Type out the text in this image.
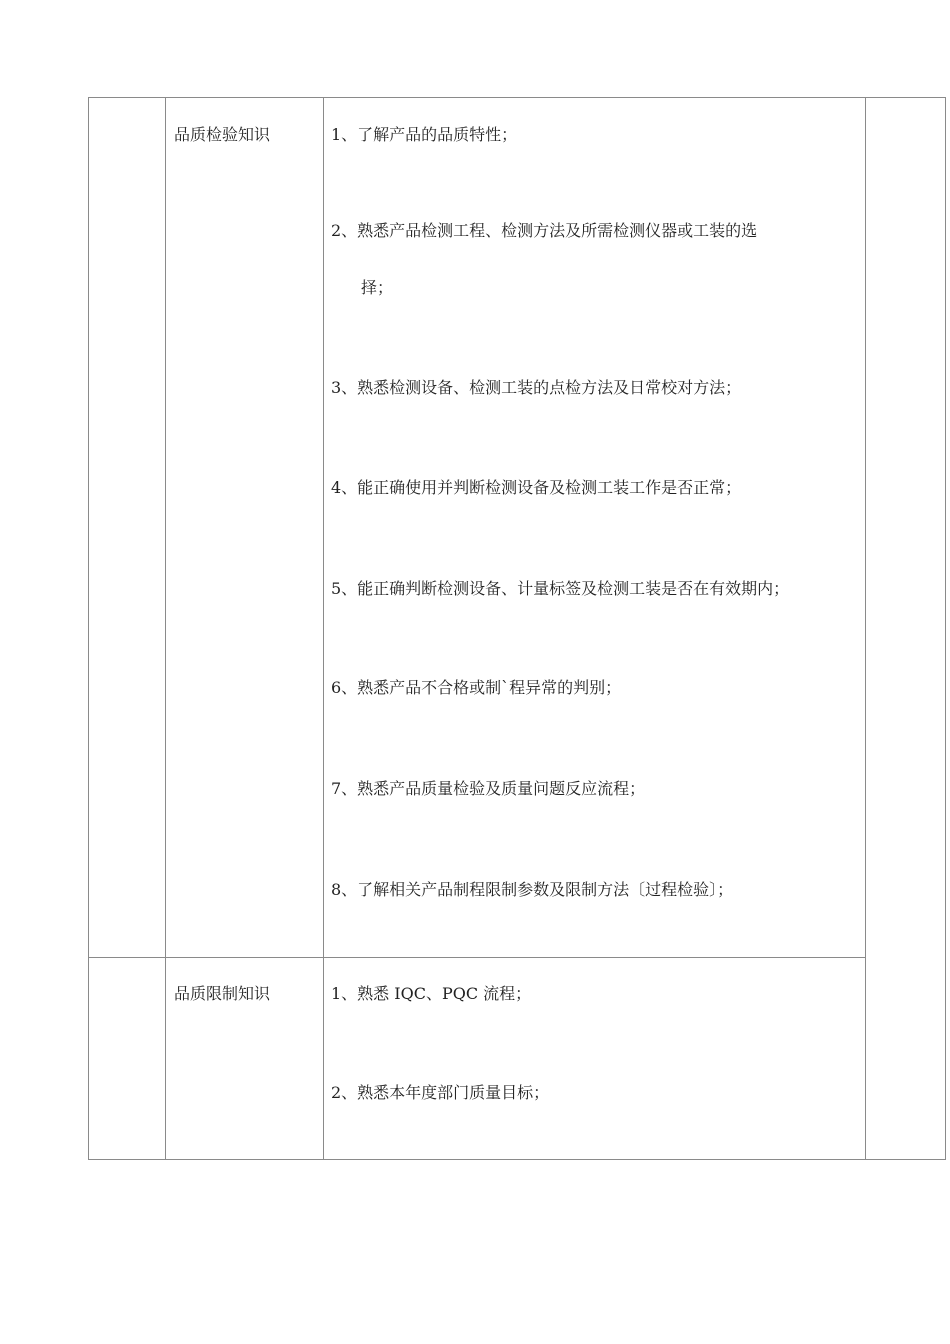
品质检验知识	1、了解产品的品质特性；
2、熟悉产品检测工程、检测方法及所需检测仪器或工装的选
择；
3、熟悉检测设备、检测工装的点检方法及日常校对方法；
4、能正确使用并判断检测设备及检测工装工作是否正常；
5、能正确判断检测设备、计量标签及检测工装是否在有效期内；
6、熟悉产品不合格或制`程异常的判别；
7、熟悉产品质量检验及质量问题反应流程；
8、了解相关产品制程限制参数及限制方法〔过程检验〕；
品质限制知识	1、熟悉 IQC、PQC 流程；
2、熟悉本年度部门质量目标；
